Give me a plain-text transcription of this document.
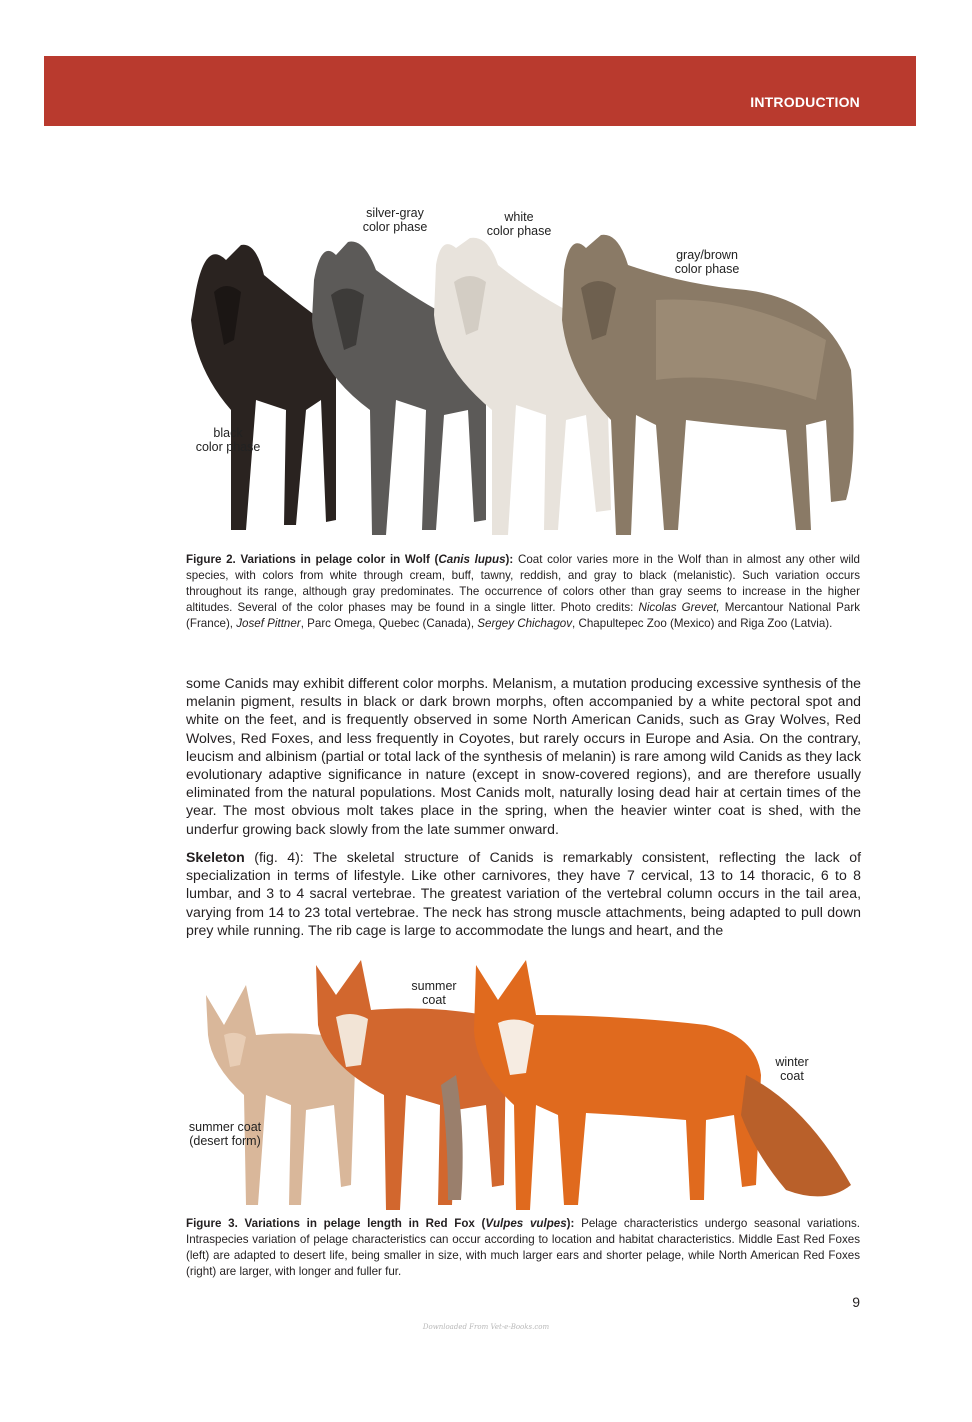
INTRODUCTION
silver-gray
color phase
white
color phase
gray/brown
color phase
black
color phase
Figure 2. Variations in pelage color in Wolf (Canis lupus): Coat color varies more in the Wolf than in almost any other wild species, with colors from white through cream, buff, tawny, reddish, and gray to black (melanistic). Such variation occurs throughout its range, although gray predominates. The occurrence of colors other than gray seems to increase in the higher altitudes. Several of the color phases may be found in a single litter. Photo credits: Nicolas Grevet, Mercantour National Park (France), Josef Pittner, Parc Omega, Quebec (Canada), Sergey Chichagov, Chapultepec Zoo (Mexico) and Riga Zoo (Latvia).
some Canids may exhibit different color morphs. Melanism, a mutation producing excessive synthesis of the melanin pigment, results in black or dark brown morphs, often accompanied by a white pectoral spot and white on the feet, and is frequently observed in some North American Canids, such as Gray Wolves, Red Wolves, Red Foxes, and less frequently in Coyotes, but rarely occurs in Europe and Asia. On the contrary, leucism and albinism (partial or total lack of the synthesis of melanin) is rare among wild Canids as they lack evolutionary adaptive significance in nature (except in snow-covered regions), and are therefore usually eliminated from the natural populations. Most Canids molt, naturally losing dead hair at certain times of the year. The most obvious molt takes place in the spring, when the heavier winter coat is shed, with the underfur growing back slowly from the late summer onward.
Skeleton (fig. 4): The skeletal structure of Canids is remarkably consistent, reflecting the lack of specialization in terms of lifestyle. Like other carnivores, they have 7 cervical, 13 to 14 thoracic, 6 to 8 lumbar, and 3 to 4 sacral vertebrae. The greatest variation of the vertebral column occurs in the tail area, varying from 14 to 23 total vertebrae. The neck has strong muscle attachments, being adapted to pull down prey while running. The rib cage is large to accommodate the lungs and heart, and the
summer
coat
winter
coat
summer coat
(desert form)
Figure 3. Variations in pelage length in Red Fox (Vulpes vulpes): Pelage characteristics undergo seasonal variations. Intraspecies variation of pelage characteristics can occur according to location and habitat characteristics. Middle East Red Foxes (left) are adapted to desert life, being smaller in size, with much larger ears and shorter pelage, while North American Red Foxes (right) are larger, with longer and fuller fur.
9
Downloaded From Vet-e-Books.com
